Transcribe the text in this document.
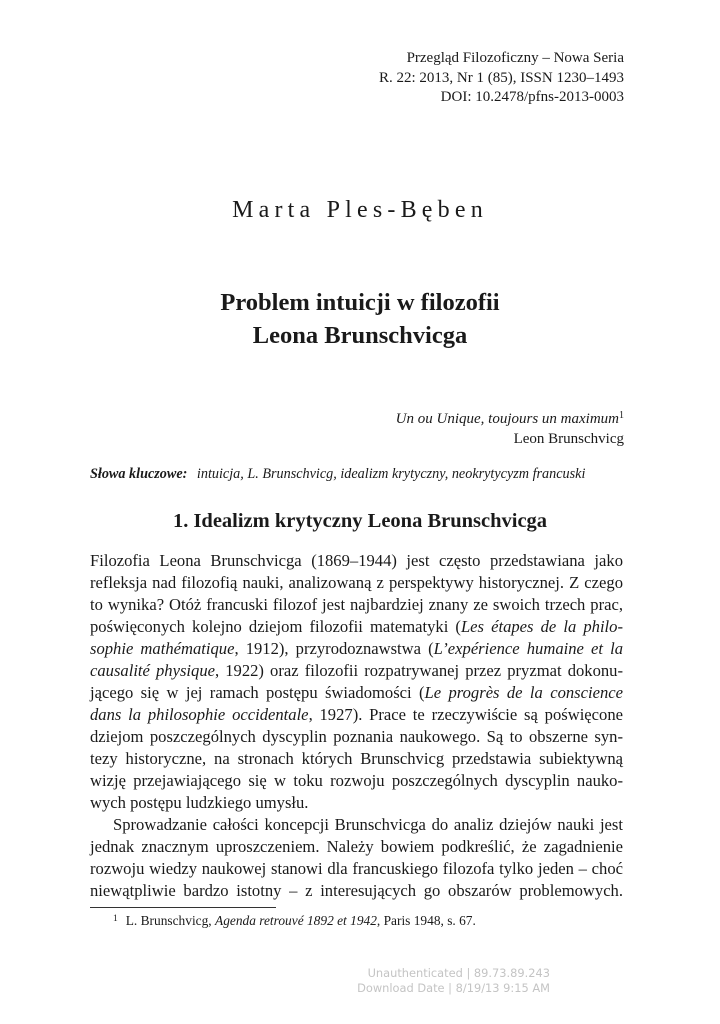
Przegląd Filozoficzny – Nowa Seria
R. 22: 2013, Nr 1 (85), ISSN 1230–1493
DOI: 10.2478/pfns-2013-0003
Marta Ples-Bęben
Problem intuicji w filozofii
Leona Brunschvicga
Un ou Unique, toujours un maximum$^1$
Leon Brunschvicg
Słowa kluczowe: intuicja, L. Brunschvicg, idealizm krytyczny, neokrytycyzm francuski
1. Idealizm krytyczny Leona Brunschvicga
Filozofia Leona Brunschvicga (1869–1944) jest często przedstawiana jako
refleksja nad filozofią nauki, analizowaną z perspektywy historycznej. Z czego
to wynika? Otóż francuski filozof jest najbardziej znany ze swoich trzech prac,
poświęconych kolejno dziejom filozofii matematyki (Les étapes de la philo-
sophie mathématique, 1912), przyrodoznawstwa (L’expérience humaine et la
causalité physique, 1922) oraz filozofii rozpatrywanej przez pryzmat dokonu-
jącego się w jej ramach postępu świadomości (Le progrès de la conscience
dans la philosophie occidentale, 1927). Prace te rzeczywiście są poświęcone
dziejom poszczególnych dyscyplin poznania naukowego. Są to obszerne syn-
tezy historyczne, na stronach których Brunschvicg przedstawia subiektywną
wizję przejawiającego się w toku rozwoju poszczególnych dyscyplin nauko-
wych postępu ludzkiego umysłu.
Sprowadzanie całości koncepcji Brunschvicga do analiz dziejów nauki jest
jednak znacznym uproszczeniem. Należy bowiem podkreślić, że zagadnienie
rozwoju wiedzy naukowej stanowi dla francuskiego filozofa tylko jeden – choć
niewątpliwie bardzo istotny – z interesujących go obszarów problemowych.
$^1$ L. Brunschvicg, Agenda retrouvé 1892 et 1942, Paris 1948, s. 67.
Unauthenticated | 89.73.89.243
Download Date | 8/19/13 9:15 AM
